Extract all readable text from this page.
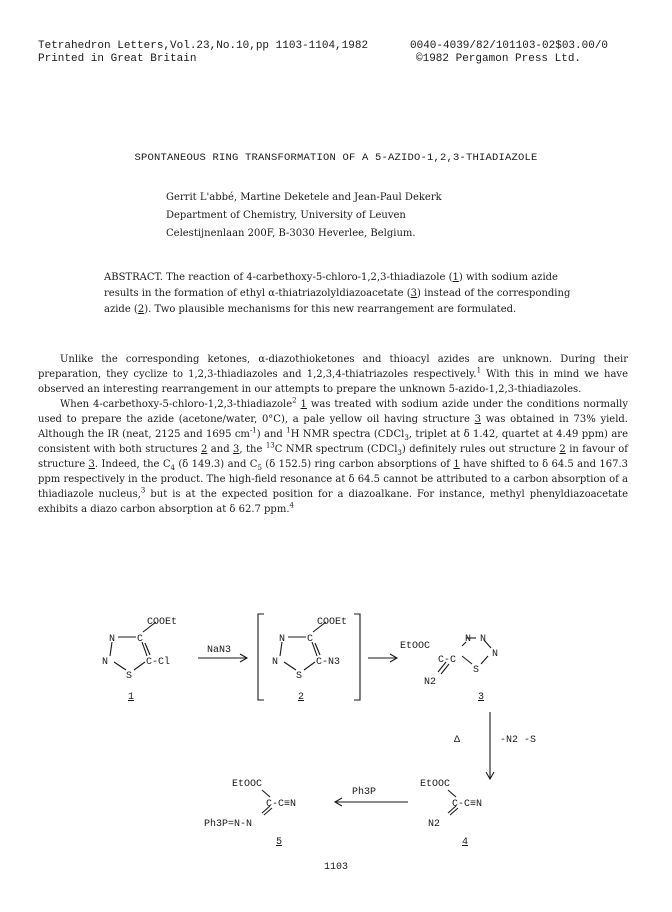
Tetrahedron Letters,Vol.23,No.10,pp 1103-1104,1982
Printed in Great Britain
0040-4039/82/101103-02$03.00/0
©1982 Pergamon Press Ltd.
SPONTANEOUS RING TRANSFORMATION OF A 5-AZIDO-1,2,3-THIADIAZOLE
Gerrit L'abbé, Martine Deketele and Jean-Paul Dekerk
Department of Chemistry, University of Leuven
Celestijnenlaan 200F, B-3030 Heverlee, Belgium.
ABSTRACT. The reaction of 4-carbethoxy-5-chloro-1,2,3-thiadiazole (1) with sodium azide results in the formation of ethyl α-thiatriazolyldiazoacetate (3) instead of the corresponding azide (2). Two plausible mechanisms for this new rearrangement are formulated.

Unlike the corresponding ketones, α-diazothioketones and thioacyl azides are unknown. During their preparation, they cyclize to 1,2,3-thiadiazoles and 1,2,3,4-thiatriazoles respectively.$^1$ With this in mind we have observed an interesting rearrangement in our attempts to prepare the unknown 5-azido-1,2,3-thiadiazoles.

When 4-carbethoxy-5-chloro-1,2,3-thiadiazole$^2$ 1 was treated with sodium azide under the conditions normally used to prepare the azide (acetone/water, 0°C), a pale yellow oil having structure 3 was obtained in 73% yield. Although the IR (neat, 2125 and 1695 $cm^{-1}$) and $^1$H NMR spectra (CDCl$_3$, triplet at δ 1.42, quartet at 4.49 ppm) are consistent with both structures 2 and 3, the $^{13}$C NMR spectrum (CDCl$_3$) definitely rules out structure 2 in favour of structure 3. Indeed, the $C_4$ (δ 149.3) and $C_5$ (δ 152.5) ring carbon absorptions of 1 have shifted to δ 64.5 and 167.3 ppm respectively in the product. The high-field resonance at δ 64.5 cannot be attributed to a carbon absorption of a thiadiazole nucleus,$^3$ but is at the expected position for a diazoalkane. For instance, methyl phenyldiazoacetate exhibits a diazo carbon absorption at δ 62.7 ppm.$^4$

COOEt
N C
N	C-Cl
S
1
NaN3
COOEt
N C
N	C-N3
S
2
EtOOC
C-C
N2
N N
N
S
3
Δ	-N2 -S
EtOOC
C-C≡N
N2
4
Ph3P
EtOOC
C-C≡N
Ph3P=N-N
5
1103
